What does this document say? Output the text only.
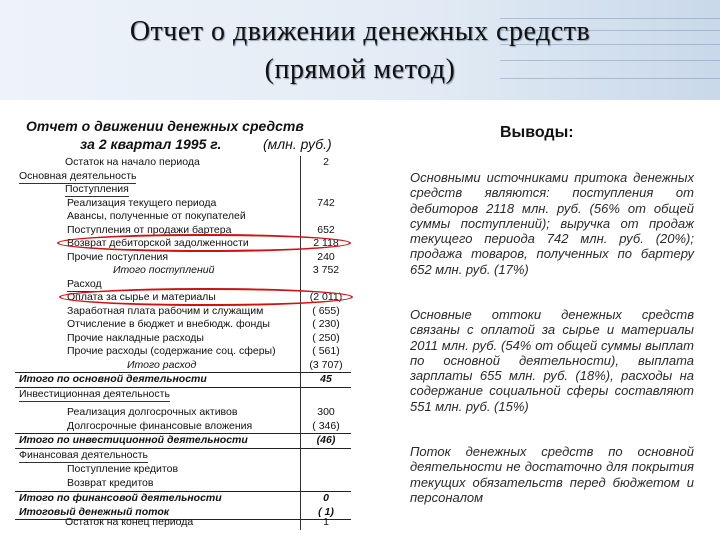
Отчет о движении денежных средств
(прямой метод)
Отчет о движении денежных средств
за 2 квартал 1995 г.	(млн. руб.)
Остаток на начало периода	2
Основная деятельность
Поступления
Реализация текущего периода	742
Авансы, полученные от покупателей
Поступления от продажи бартера	652
Возврат дебиторской задолженности	2 118
Прочие поступления	240
Итого поступлений	3 752
Расход
Оплата за сырье и материалы	(2 011)
Заработная плата рабочим и служащим	( 655)
Отчисление в бюджет и внебюдж. фонды	( 230)
Прочие накладные расходы	( 250)
Прочие расходы (содержание соц. сферы)	( 561)
Итого расход	(3 707)
Итого по основной деятельности	45
Инвестиционная деятельность
Реализация долгосрочных активов	300
Долгосрочные финансовые вложения	( 346)
Итого по инвестиционной деятельности	(46)
Финансовая деятельность
Поступление кредитов
Возврат кредитов
Итого по финансовой деятельности	0
Итоговый денежный поток	( 1)
Остаток на конец периода	1
Выводы:
Основными источниками притока денежных средств являются: поступления от дебиторов 2118 млн. руб. (56% от общей суммы поступлений); выручка от продаж текущего периода 742 млн. руб. (20%); продажа товаров, полученных по бартеру 652 млн. руб. (17%)
Основные оттоки денежных средств связаны с оплатой за сырье и материалы 2011 млн. руб. (54% от общей суммы выплат по основной деятельности), выплата зарплаты 655 млн. руб. (18%), расходы на содержание социальной сферы составляют 551 млн. руб. (15%)
Поток денежных средств по основной деятельности не достаточно для покрытия текущих обязательств перед бюджетом и персоналом
